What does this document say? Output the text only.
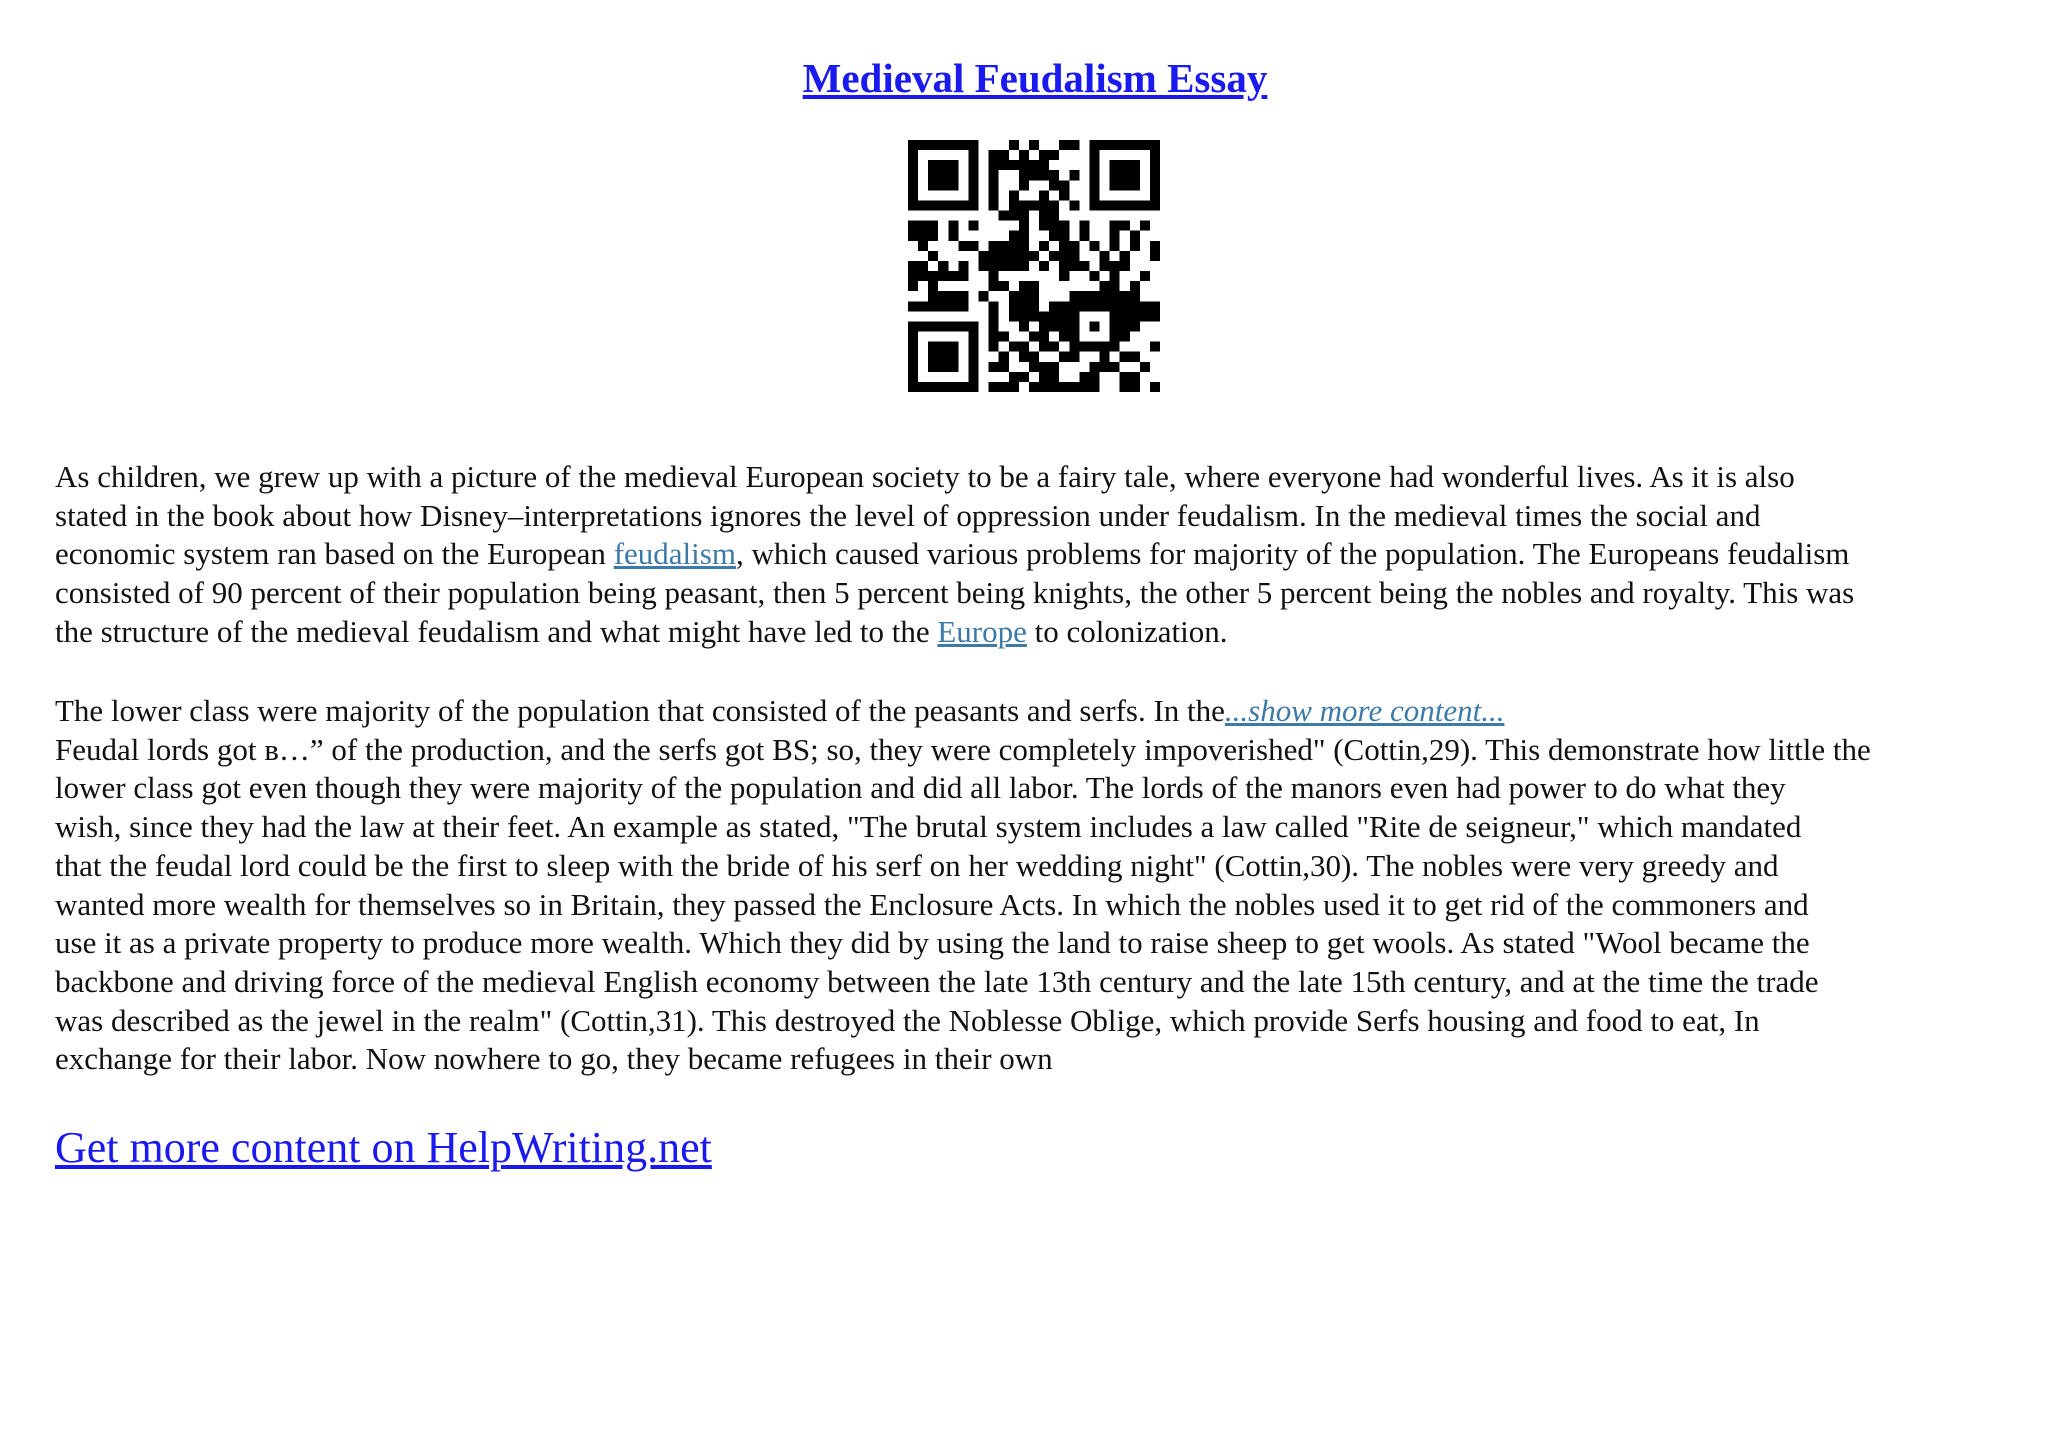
Medieval Feudalism Essay

As children, we grew up with a picture of the medieval European society to be a fairy tale, where everyone had wonderful lives. As it is also
stated in the book about how Disney–interpretations ignores the level of oppression under feudalism. In the medieval times the social and
economic system ran based on the European feudalism, which caused various problems for majority of the population. The Europeans feudalism
consisted of 90 percent of their population being peasant, then 5 percent being knights, the other 5 percent being the nobles and royalty. This was
the structure of the medieval feudalism and what might have led to the Europe to colonization.

The lower class were majority of the population that consisted of the peasants and serfs. In the...show more content...
Feudal lords got в…” of the production, and the serfs got BS; so, they were completely impoverished" (Cottin,29). This demonstrate how little the
lower class got even though they were majority of the population and did all labor. The lords of the manors even had power to do what they
wish, since they had the law at their feet. An example as stated, "The brutal system includes a law called "Rite de seigneur," which mandated
that the feudal lord could be the first to sleep with the bride of his serf on her wedding night" (Cottin,30). The nobles were very greedy and
wanted more wealth for themselves so in Britain, they passed the Enclosure Acts. In which the nobles used it to get rid of the commoners and
use it as a private property to produce more wealth. Which they did by using the land to raise sheep to get wools. As stated "Wool became the
backbone and driving force of the medieval English economy between the late 13th century and the late 15th century, and at the time the trade
was described as the jewel in the realm" (Cottin,31). This destroyed the Noblesse Oblige, which provide Serfs housing and food to eat, In
exchange for their labor. Now nowhere to go, they became refugees in their own

Get more content on HelpWriting.net
